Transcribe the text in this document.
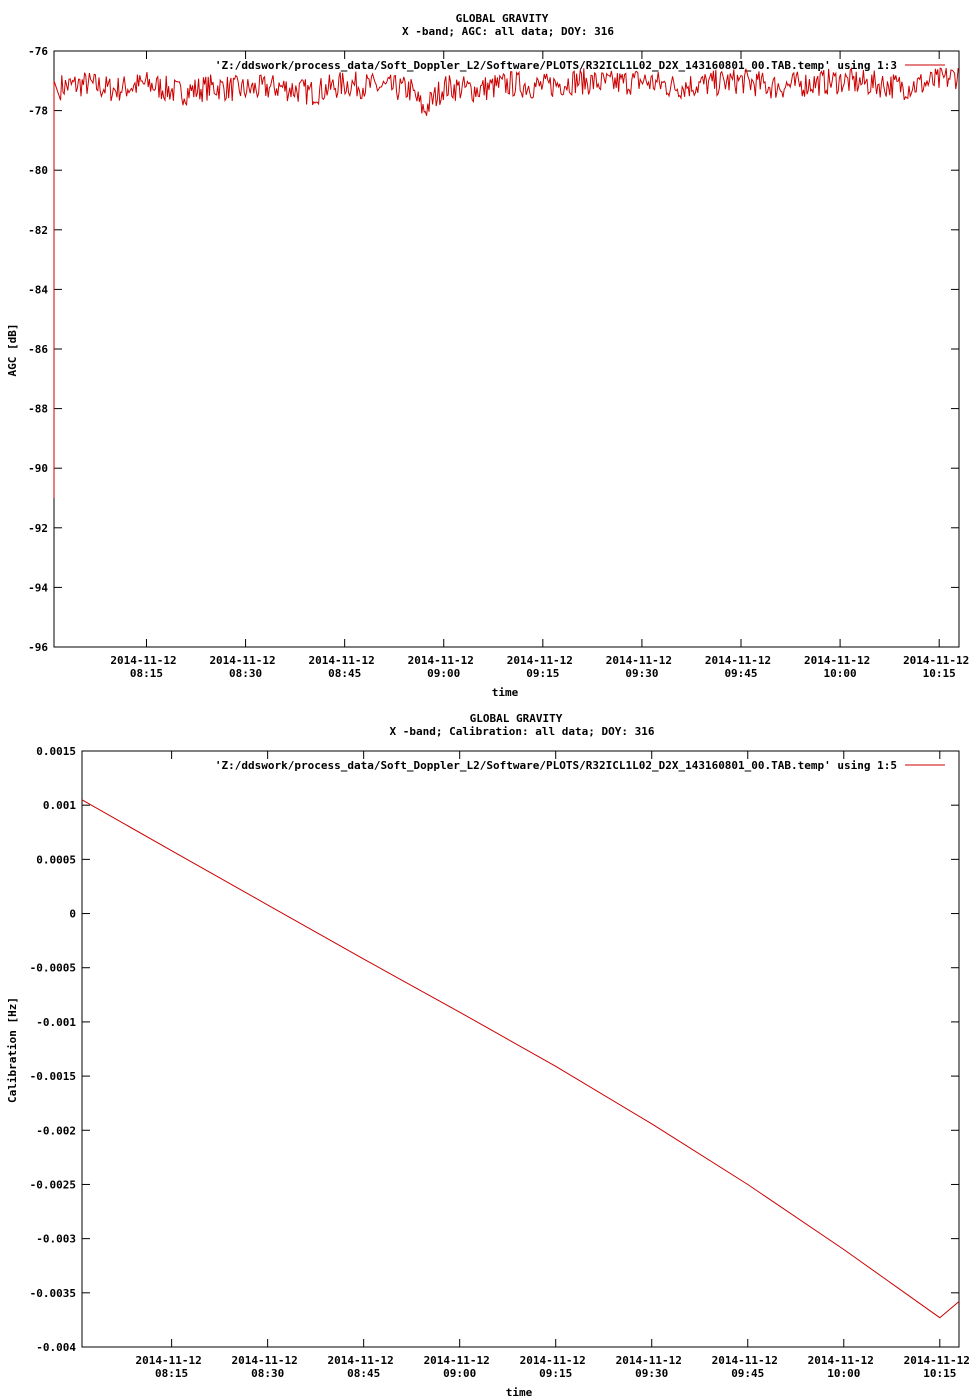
GLOBAL GRAVITY
X -band; AGC: all data; DOY: 316
AGC [dB]
time
-76
-78
-80
-82
-84
-86
-88
-90
-92
-94
-96
2014-11-12
08:15
2014-11-12
08:30
2014-11-12
08:45
2014-11-12
09:00
2014-11-12
09:15
2014-11-12
09:30
2014-11-12
09:45
2014-11-12
10:00
2014-11-12
10:15
'Z:/ddswork/process_data/Soft_Doppler_L2/Software/PLOTS/R32ICL1L02_D2X_143160801_00.TAB.temp' using 1:3
GLOBAL GRAVITY
X -band; Calibration: all data; DOY: 316
Calibration [Hz]
time
0.0015
0.001
0.0005
0
-0.0005
-0.001
-0.0015
-0.002
-0.0025
-0.003
-0.0035
-0.004
2014-11-12
08:15
2014-11-12
08:30
2014-11-12
08:45
2014-11-12
09:00
2014-11-12
09:15
2014-11-12
09:30
2014-11-12
09:45
2014-11-12
10:00
2014-11-12
10:15
'Z:/ddswork/process_data/Soft_Doppler_L2/Software/PLOTS/R32ICL1L02_D2X_143160801_00.TAB.temp' using 1:5
